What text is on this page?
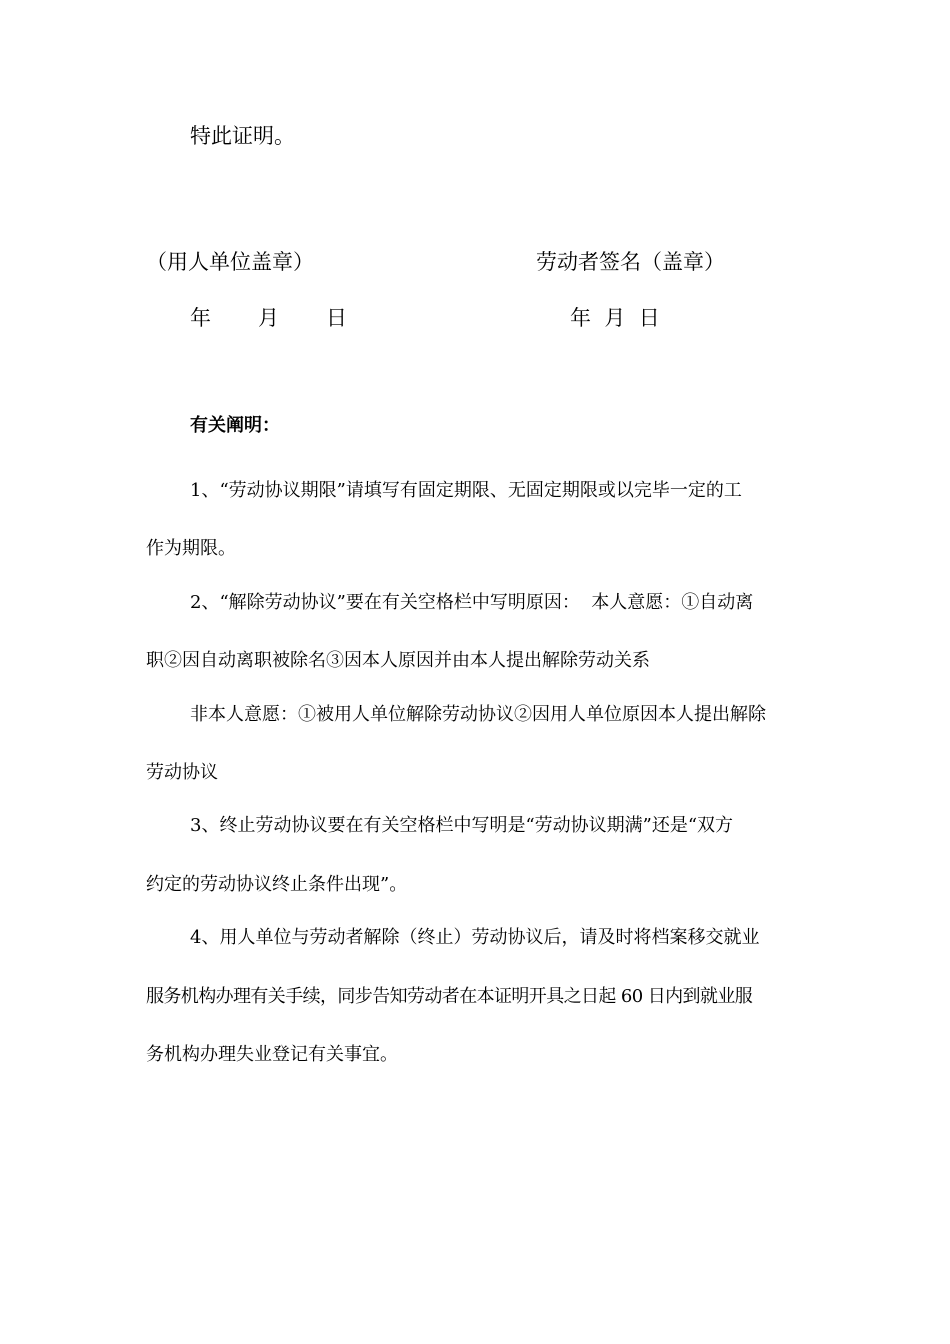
特此证明。

（用人单位盖章）	劳动者签名（盖章）

年 月 日	年  月  日

有关阐明：

1、“劳动协议期限”请填写有固定期限、无固定期限或以完毕一定的工

作为期限。

2、“解除劳动协议”要在有关空格栏中写明原因：  本人意愿：①自动离

职②因自动离职被除名③因本人原因并由本人提出解除劳动关系

非本人意愿：①被用人单位解除劳动协议②因用人单位原因本人提出解除

劳动协议

3、终止劳动协议要在有关空格栏中写明是“劳动协议期满”还是“双方

约定的劳动协议终止条件出现”。

4、用人单位与劳动者解除（终止）劳动协议后，请及时将档案移交就业

服务机构办理有关手续，同步告知劳动者在本证明开具之日起 60 日内到就业服

务机构办理失业登记有关事宜。
